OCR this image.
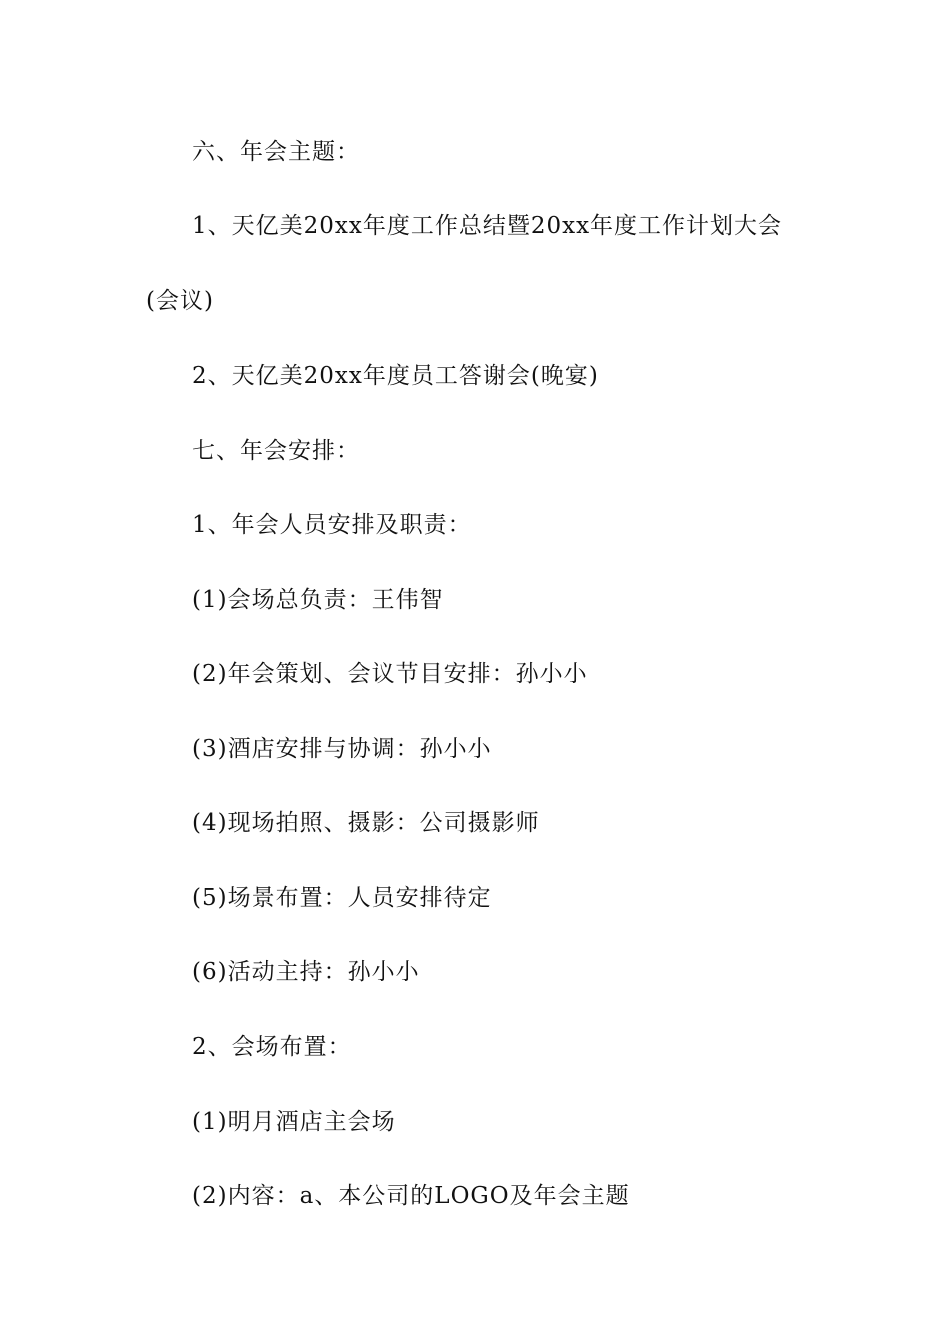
六、年会主题：
1、天亿美20xx年度工作总结暨20xx年度工作计划大会
(会议)
2、天亿美20xx年度员工答谢会(晚宴)
七、年会安排：
1、年会人员安排及职责：
(1)会场总负责：王伟智
(2)年会策划、会议节目安排：孙小小
(3)酒店安排与协调：孙小小
(4)现场拍照、摄影：公司摄影师
(5)场景布置：人员安排待定
(6)活动主持：孙小小
2、会场布置：
(1)明月酒店主会场
(2)内容：a、本公司的LOGO及年会主题
